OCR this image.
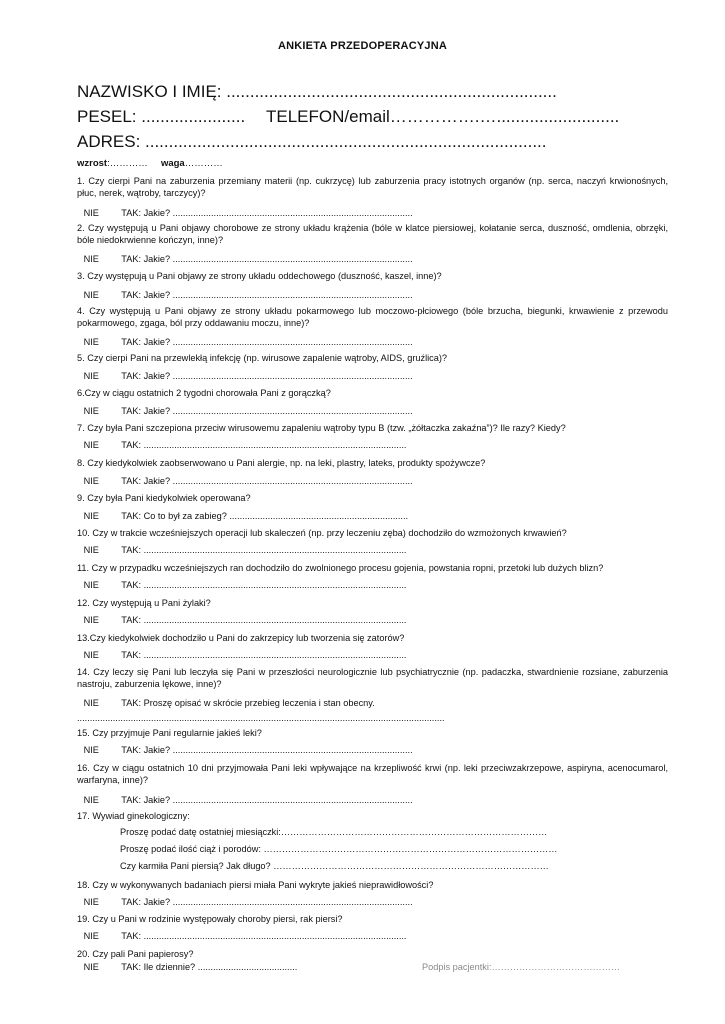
ANKIETA PRZEDOPERACYJNA
NAZWISKO I IMIĘ: ......................................................................
PESEL: ...................... TELEFON/email…………….…..........................
ADRES: .....................................................................................
wzrost:………… waga…………
1. Czy cierpi Pani na zaburzenia przemiany materii (np. cukrzycę) lub zaburzenia pracy istotnych organów (np. serca, naczyń krwionośnych, płuc, nerek, wątroby, tarczycy)?
NIE TAK: Jakie? ..............................................................................................
2. Czy występują u Pani objawy chorobowe ze strony układu krążenia (bóle w klatce piersiowej, kołatanie serca, duszność, omdlenia, obrzęki, bóle niedokrwienne kończyn, inne)?
NIE TAK: Jakie? ..............................................................................................
3. Czy występują u Pani objawy ze strony układu oddechowego (duszność, kaszel, inne)?
NIE TAK: Jakie? ..............................................................................................
4. Czy występują u Pani objawy ze strony układu pokarmowego lub moczowo-płciowego (bóle brzucha, biegunki, krwawienie z przewodu pokarmowego, zgaga, ból przy oddawaniu moczu, inne)?
NIE TAK: Jakie? ..............................................................................................
5. Czy cierpi Pani na przewlekłą infekcję (np. wirusowe zapalenie wątroby, AIDS, gruźlica)?
NIE TAK: Jakie? ..............................................................................................
6.Czy w ciągu ostatnich 2 tygodni chorowała Pani z gorączką?
NIE TAK: Jakie? ..............................................................................................
7. Czy była Pani szczepiona przeciw wirusowemu zapaleniu wątroby typu B (tzw. „żółtaczka zakaźna”)? Ile razy? Kiedy?
NIE TAK: .......................................................................................................
8. Czy kiedykolwiek zaobserwowano u Pani alergie, np. na leki, plastry, lateks, produkty spożywcze?
NIE TAK: Jakie? ..............................................................................................
9. Czy była Pani kiedykolwiek operowana?
NIE TAK: Co to był za zabieg? ......................................................................
10. Czy w trakcie wcześniejszych operacji lub skaleczeń (np. przy leczeniu zęba) dochodziło do wzmożonych krwawień?
NIE TAK: .......................................................................................................
11. Czy w przypadku wcześniejszych ran dochodziło do zwolnionego procesu gojenia, powstania ropni, przetoki lub dużych blizn?
NIE TAK: .......................................................................................................
12. Czy występują u Pani żylaki?
NIE TAK: .......................................................................................................
13.Czy kiedykolwiek dochodziło u Pani do zakrzepicy lub tworzenia się zatorów?
NIE TAK: .......................................................................................................
14. Czy leczy się Pani lub leczyła się Pani w przeszłości neurologicznie lub psychiatrycznie (np. padaczka, stwardnienie rozsiane, zaburzenia nastroju, zaburzenia lękowe, inne)?
NIE TAK: Proszę opisać w skrócie przebieg leczenia i stan obecny.
................................................................................................................................................
15. Czy przyjmuje Pani regularnie jakieś leki?
NIE TAK: Jakie? ..............................................................................................
16. Czy w ciągu ostatnich 10 dni przyjmowała Pani leki wpływające na krzepliwość krwi (np. leki przeciwzakrzepowe, aspiryna, acenocumarol, warfaryna, inne)?
NIE TAK: Jakie? ..............................................................................................
17. Wywiad ginekologiczny:
Proszę podać datę ostatniej miesiączki:……………………………………………………………………………
Proszę podać ilość ciąż i porodów: ……………………………………………………………………………………
Czy karmiła Pani piersią? Jak długo? ………………………………………………………………………………
18. Czy w wykonywanych badaniach piersi miała Pani wykryte jakieś nieprawidłowości?
NIE TAK: Jakie? ..............................................................................................
19. Czy u Pani w rodzinie występowały choroby piersi, rak piersi?
NIE TAK: .......................................................................................................
20. Czy pali Pani papierosy?
NIE TAK: Ile dziennie? .......................................	Podpis pacjentki:……………………………………
